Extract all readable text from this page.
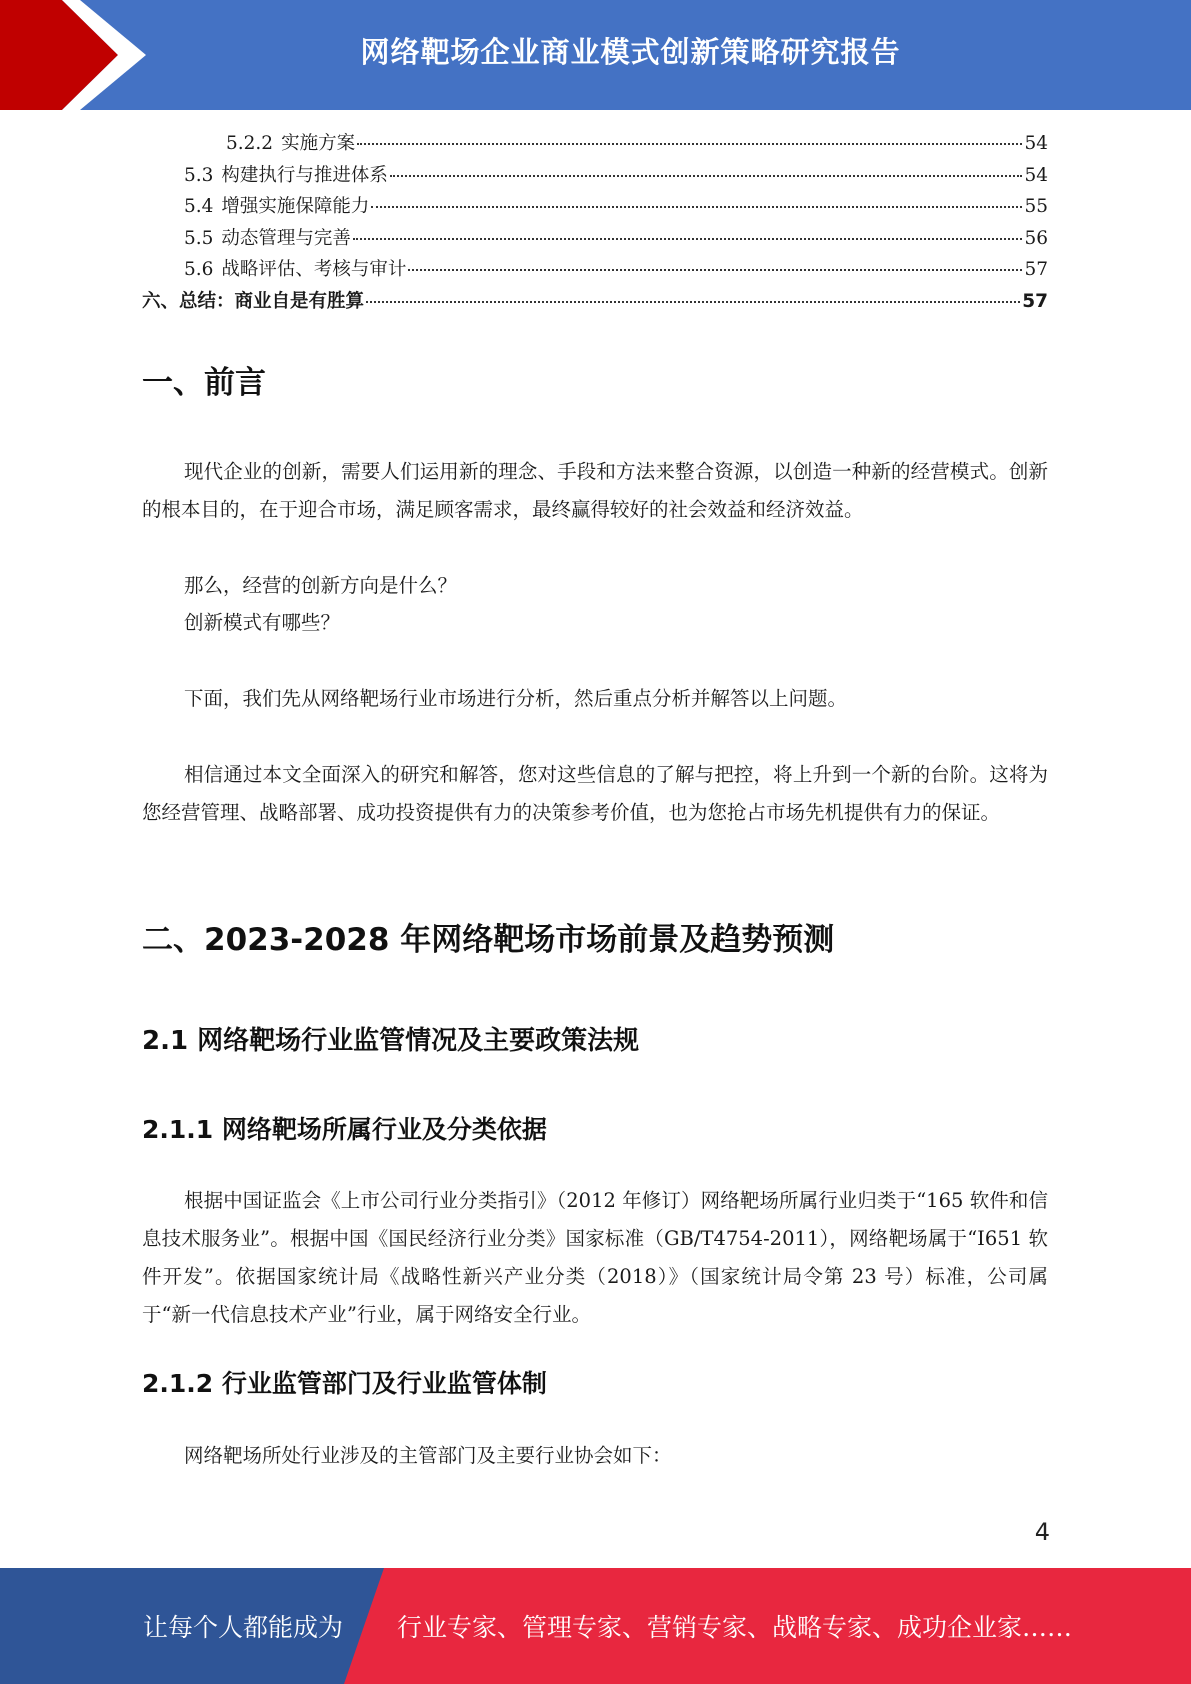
网络靶场企业商业模式创新策略研究报告
5.2.2 实施方案	54
5.3 构建执行与推进体系	54
5.4 增强实施保障能力	55
5.5 动态管理与完善	56
5.6 战略评估、考核与审计	57
六、总结：商业自是有胜算	57
一、前言
现代企业的创新，需要人们运用新的理念、手段和方法来整合资源，以创造一种新的经营模式。创新的根本目的，在于迎合市场，满足顾客需求，最终赢得较好的社会效益和经济效益。
那么，经营的创新方向是什么？
创新模式有哪些？
下面，我们先从网络靶场行业市场进行分析，然后重点分析并解答以上问题。
相信通过本文全面深入的研究和解答，您对这些信息的了解与把控，将上升到一个新的台阶。这将为您经营管理、战略部署、成功投资提供有力的决策参考价值，也为您抢占市场先机提供有力的保证。
二、2023-2028 年网络靶场市场前景及趋势预测
2.1 网络靶场行业监管情况及主要政策法规
2.1.1 网络靶场所属行业及分类依据
根据中国证监会《上市公司行业分类指引》（2012 年修订）网络靶场所属行业归类于“165 软件和信息技术服务业”。根据中国《国民经济行业分类》国家标准（GB/T4754-2011），网络靶场属于“I651 软件开发”。依据国家统计局《战略性新兴产业分类（2018）》（国家统计局令第 23 号）标准，公司属于“新一代信息技术产业”行业，属于网络安全行业。
2.1.2 行业监管部门及行业监管体制
网络靶场所处行业涉及的主管部门及主要行业协会如下：
4
让每个人都能成为 行业专家、管理专家、营销专家、战略专家、成功企业家……
